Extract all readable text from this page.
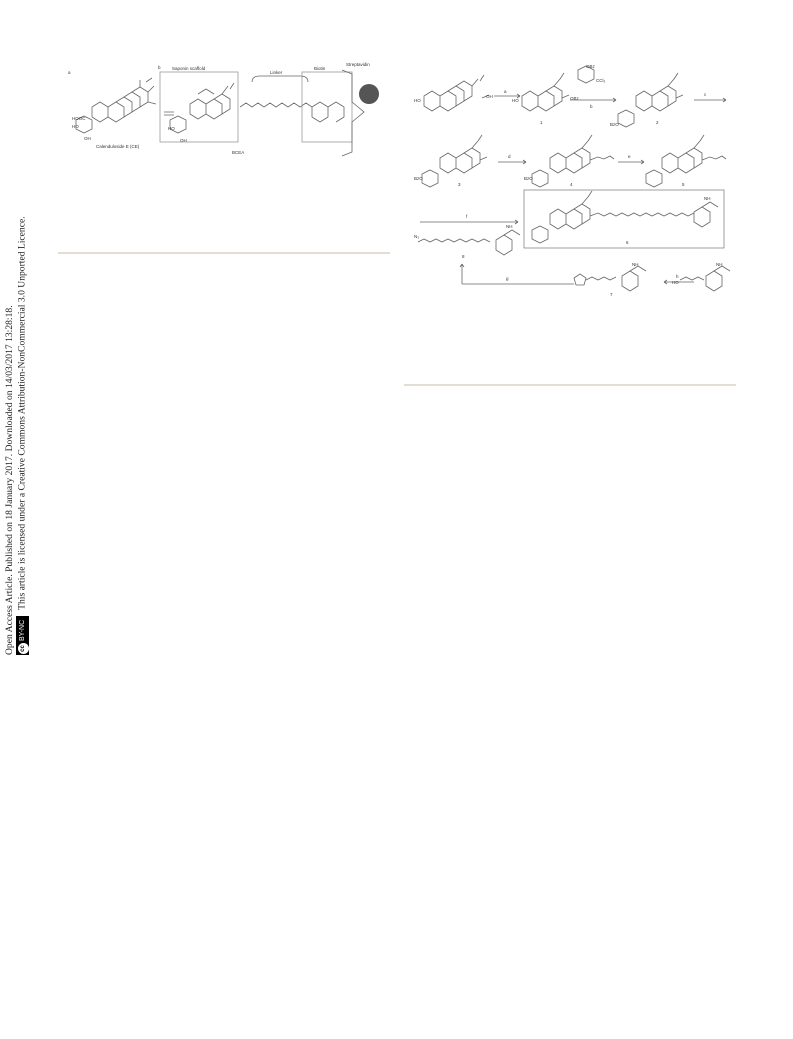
Open Access Article. Published on 18 January 2017. Downloaded on 14/03/2017 13:28:18. ccBY-NCThis article is licensed under a Creative Commons Attribution-NonCommercial 3.0 Unported Licence.
a
b
HOOC
HO
OH
Calenduloside E (CE)
Saponin scaffold
Linker
Biotin
Streptavidin
HO
OH
BCEA
a
b
c
d	e
f
g	h
1	2
3	4	5
6
7
8
OH	OBz
OBz
CCl₃
BzO
BzO	BzO
N₃
NH
NH
NH	NH
HO
HO	HO
